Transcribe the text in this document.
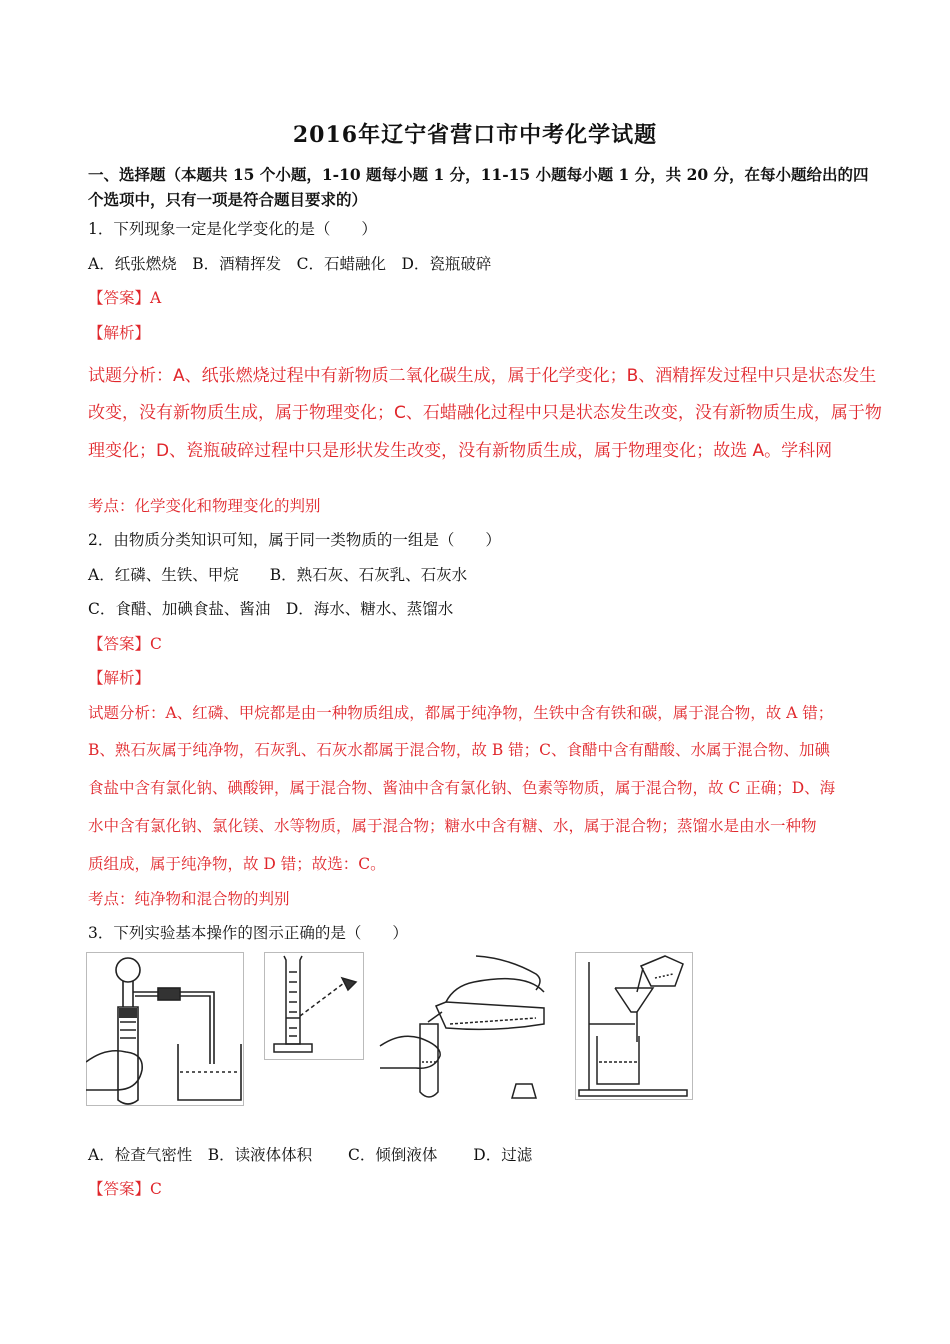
2016年辽宁省营口市中考化学试题
一、选择题（本题共 15 个小题，1-10 题每小题 1 分，11-15 小题每小题 1 分，共 20 分，在每小题给出的四
个选项中，只有一项是符合题目要求的）
1．下列现象一定是化学变化的是（　　）
A．纸张燃烧　B．酒精挥发　C．石蜡融化　D．瓷瓶破碎
【答案】A
【解析】
试题分析：A、纸张燃烧过程中有新物质二氧化碳生成，属于化学变化；B、酒精挥发过程中只是状态发生
改变，没有新物质生成，属于物理变化；C、石蜡融化过程中只是状态发生改变，没有新物质生成，属于物
理变化；D、瓷瓶破碎过程中只是形状发生改变，没有新物质生成，属于物理变化；故选 A。学科网
考点：化学变化和物理变化的判别
2．由物质分类知识可知，属于同一类物质的一组是（　　）
A．红磷、生铁、甲烷　　B．熟石灰、石灰乳、石灰水
C．食醋、加碘食盐、酱油　D．海水、糖水、蒸馏水
【答案】C
【解析】
试题分析：A、红磷、甲烷都是由一种物质组成，都属于纯净物，生铁中含有铁和碳，属于混合物，故 A 错；
B、熟石灰属于纯净物，石灰乳、石灰水都属于混合物，故 B 错；C、食醋中含有醋酸、水属于混合物、加碘
食盐中含有氯化钠、碘酸钾，属于混合物、酱油中含有氯化钠、色素等物质，属于混合物，故 C 正确；D、海
水中含有氯化钠、氯化镁、水等物质，属于混合物；糖水中含有糖、水，属于混合物；蒸馏水是由水一种物
质组成，属于纯净物，故 D 错；故选：C。
考点：纯净物和混合物的判别
3．下列实验基本操作的图示正确的是（　　）
A．检查气密性　B．读液体体积　　 C．倾倒液体　　 D．过滤
【答案】C
